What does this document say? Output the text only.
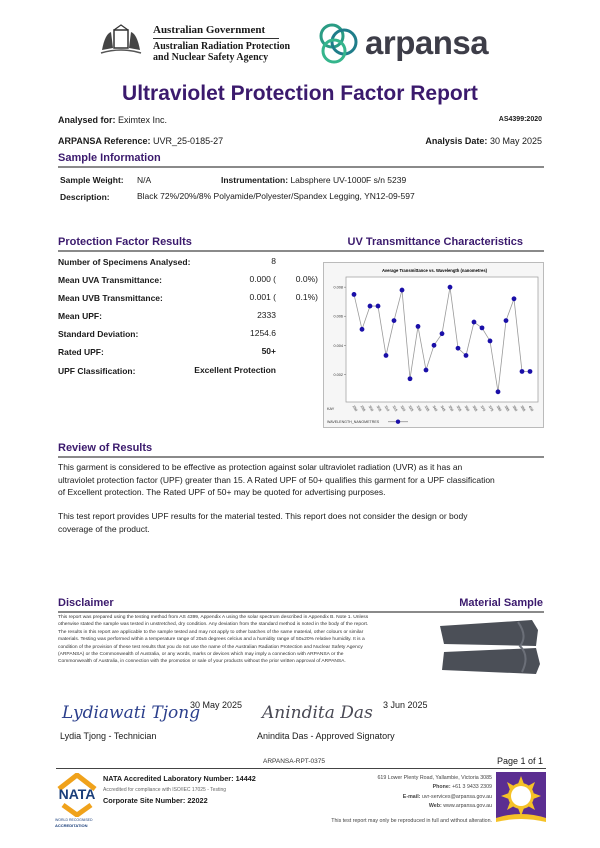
Australian Government
Australian Radiation Protection
and Nuclear Safety Agency	arpansa
Ultraviolet Protection Factor Report
Analysed for: Eximtex Inc.	AS4399:2020
ARPANSA Reference: UVR_25-0185-27	Analysis Date: 30 May 2025
Sample Information
Sample Weight: N/A	Instrumentation: Labsphere UV-1000F s/n 5239
Description:	Black 72%/20%/8% Polyamide/Polyester/Spandex Legging, YN12-09-597
Protection Factor Results	UV Transmittance Characteristics
Number of Specimens Analysed:	8
Mean UVA Transmittance:	0.000 ( 0.0%)
Mean UVB Transmittance:	0.001 ( 0.1%)
Mean UPF:	2333
Standard Deviation:	1254.6
Rated UPF:	50+
UPF Classification:	Excellent Protection
Average Transmittance vs. Wavelength (nanometres)
0.008
0.006
0.004
0.002
290 295 300 305 310 315 320 325 330 335 340 345 350 355 360 365 370 375 380 385 390 395 400
KAY
WAVELENGTH_NANOMETRES
Review of Results
This garment is considered to be effective as protection against solar ultraviolet radiation (UVR) as it has an ultraviolet protection factor (UPF) greater than 15. A Rated UPF of 50+ qualifies this garment for a UPF classification of Excellent protection. The Rated UPF of 50+ may be quoted for advertising purposes.
This test report provides UPF results for the material tested. This report does not consider the design or body coverage of the product.
Disclaimer	Material Sample
This report was prepared using the testing method from AS 4399, Appendix A using the solar spectrum described in Appendix B. Note 1. Unless otherwise stated the sample was tested in unstretched, dry condition. Any deviation from the standard method is noted in the body of the report. The results in this report are applicable to the sample tested and may not apply to other batches of the same material, other colours or similar materials. Testing was performed within a temperature range of 20±5 degrees celcius and a humidity range of 50±20% relative humidity. It is a condition of the provision of these test results that you do not use the name of the Australian Radiation Protection and Nuclear Safety Agency (ARPANSA) or the Commonwealth of Australia, or any words, marks or devices which may imply a connection with ARPANSA or the Commonwealth of Australia, in connection with the promotion or sale of your products without the prior written approval of ARPANSA.
Lydiawati Tjong
30 May 2025
Lydia Tjong - Technician
Anindita Das 3 Jun 2025
Anindita Das - Approved Signatory
ARPANSA-RPT-0375	Page 1 of 1
NATA
WORLD RECOGNISED
ACCREDITATION
NATA Accredited Laboratory Number: 14442
Accredited for compliance with ISO/IEC 17025 - Testing
Corporate Site Number: 22022
619 Lower Plenty Road, Yallambie, Victoria 3085
Phone: +61 3 9433 2309
E-mail: uvr-services@arpansa.gov.au
Web: www.arpansa.gov.au
This test report may only be reproduced in full and without alteration.
